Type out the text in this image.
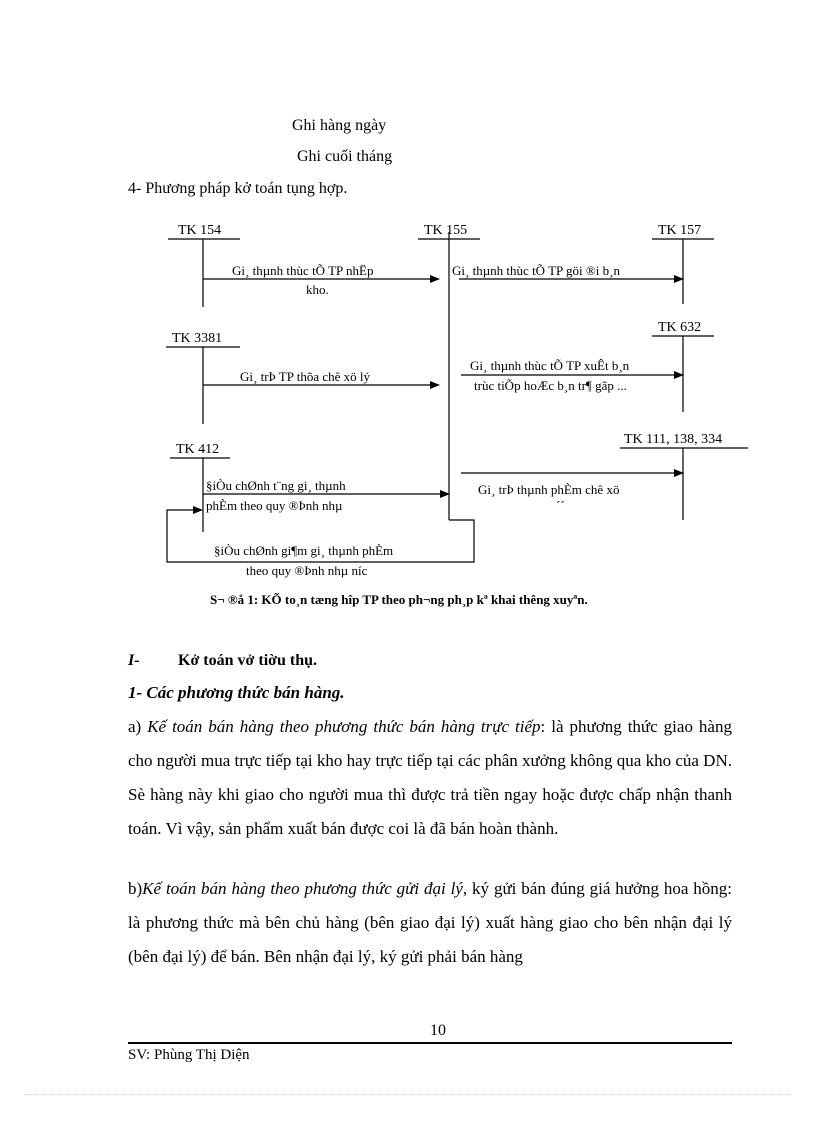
Ghi hàng ngày
Ghi cuối tháng
4- Phương pháp kở toán tụng hợp.
TK 154	TK 155	TK 157
TK 3381
TK 632
TK 412
TK 111, 138, 334
Gi¸ thµnh thùc tÕ TP nhËp
kho.
Gi¸ thµnh thùc tÕ TP göi ®i b¸n
Gi¸ trÞ TP thõa chê xö lý
Gi¸ thµnh thùc tÕ TP xuÊt b¸n
trùc tiÕp hoÆc b¸n tr¶ gãp ...
§iÒu chØnh t¨ng gi¸ thµnh
phÈm theo quy ®Þnh nhµ
Gi¸ trÞ thµnh phÈm chê xö
´´
§iÒu chØnh gi¶m gi¸ thµnh phÈm
theo quy ®Þnh nhµ níc
S¬ ®å 1: KÕ to¸n tæng hîp TP theo ph¬ng ph¸p kª khai thêng xuyªn.
I- Kở toán vở tiờu thụ.
1- Các phương thức bán hàng.

a) Kế toán bán hàng theo phương thức bán hàng trực tiếp: là phương thức giao hàng cho người mua trực tiếp tại kho hay trực tiếp tại các phân xưởng không qua kho của DN. Sè hàng này khi giao cho người mua thì được trả tiền ngay hoặc được chấp nhận thanh toán. Vì vậy, sản phẩm xuất bán được coi là đã bán hoàn thành.

b)Kế toán bán hàng theo phương thức gửi đại lý, ký gửi bán đúng giá hưởng hoa hồng: là phương thức mà bên chủ hàng (bên giao đại lý) xuất hàng giao cho bên nhận đại lý (bên đại lý) để bán. Bên nhận đại lý, ký gửi phải bán hàng

10
SV: Phùng Thị Diện
